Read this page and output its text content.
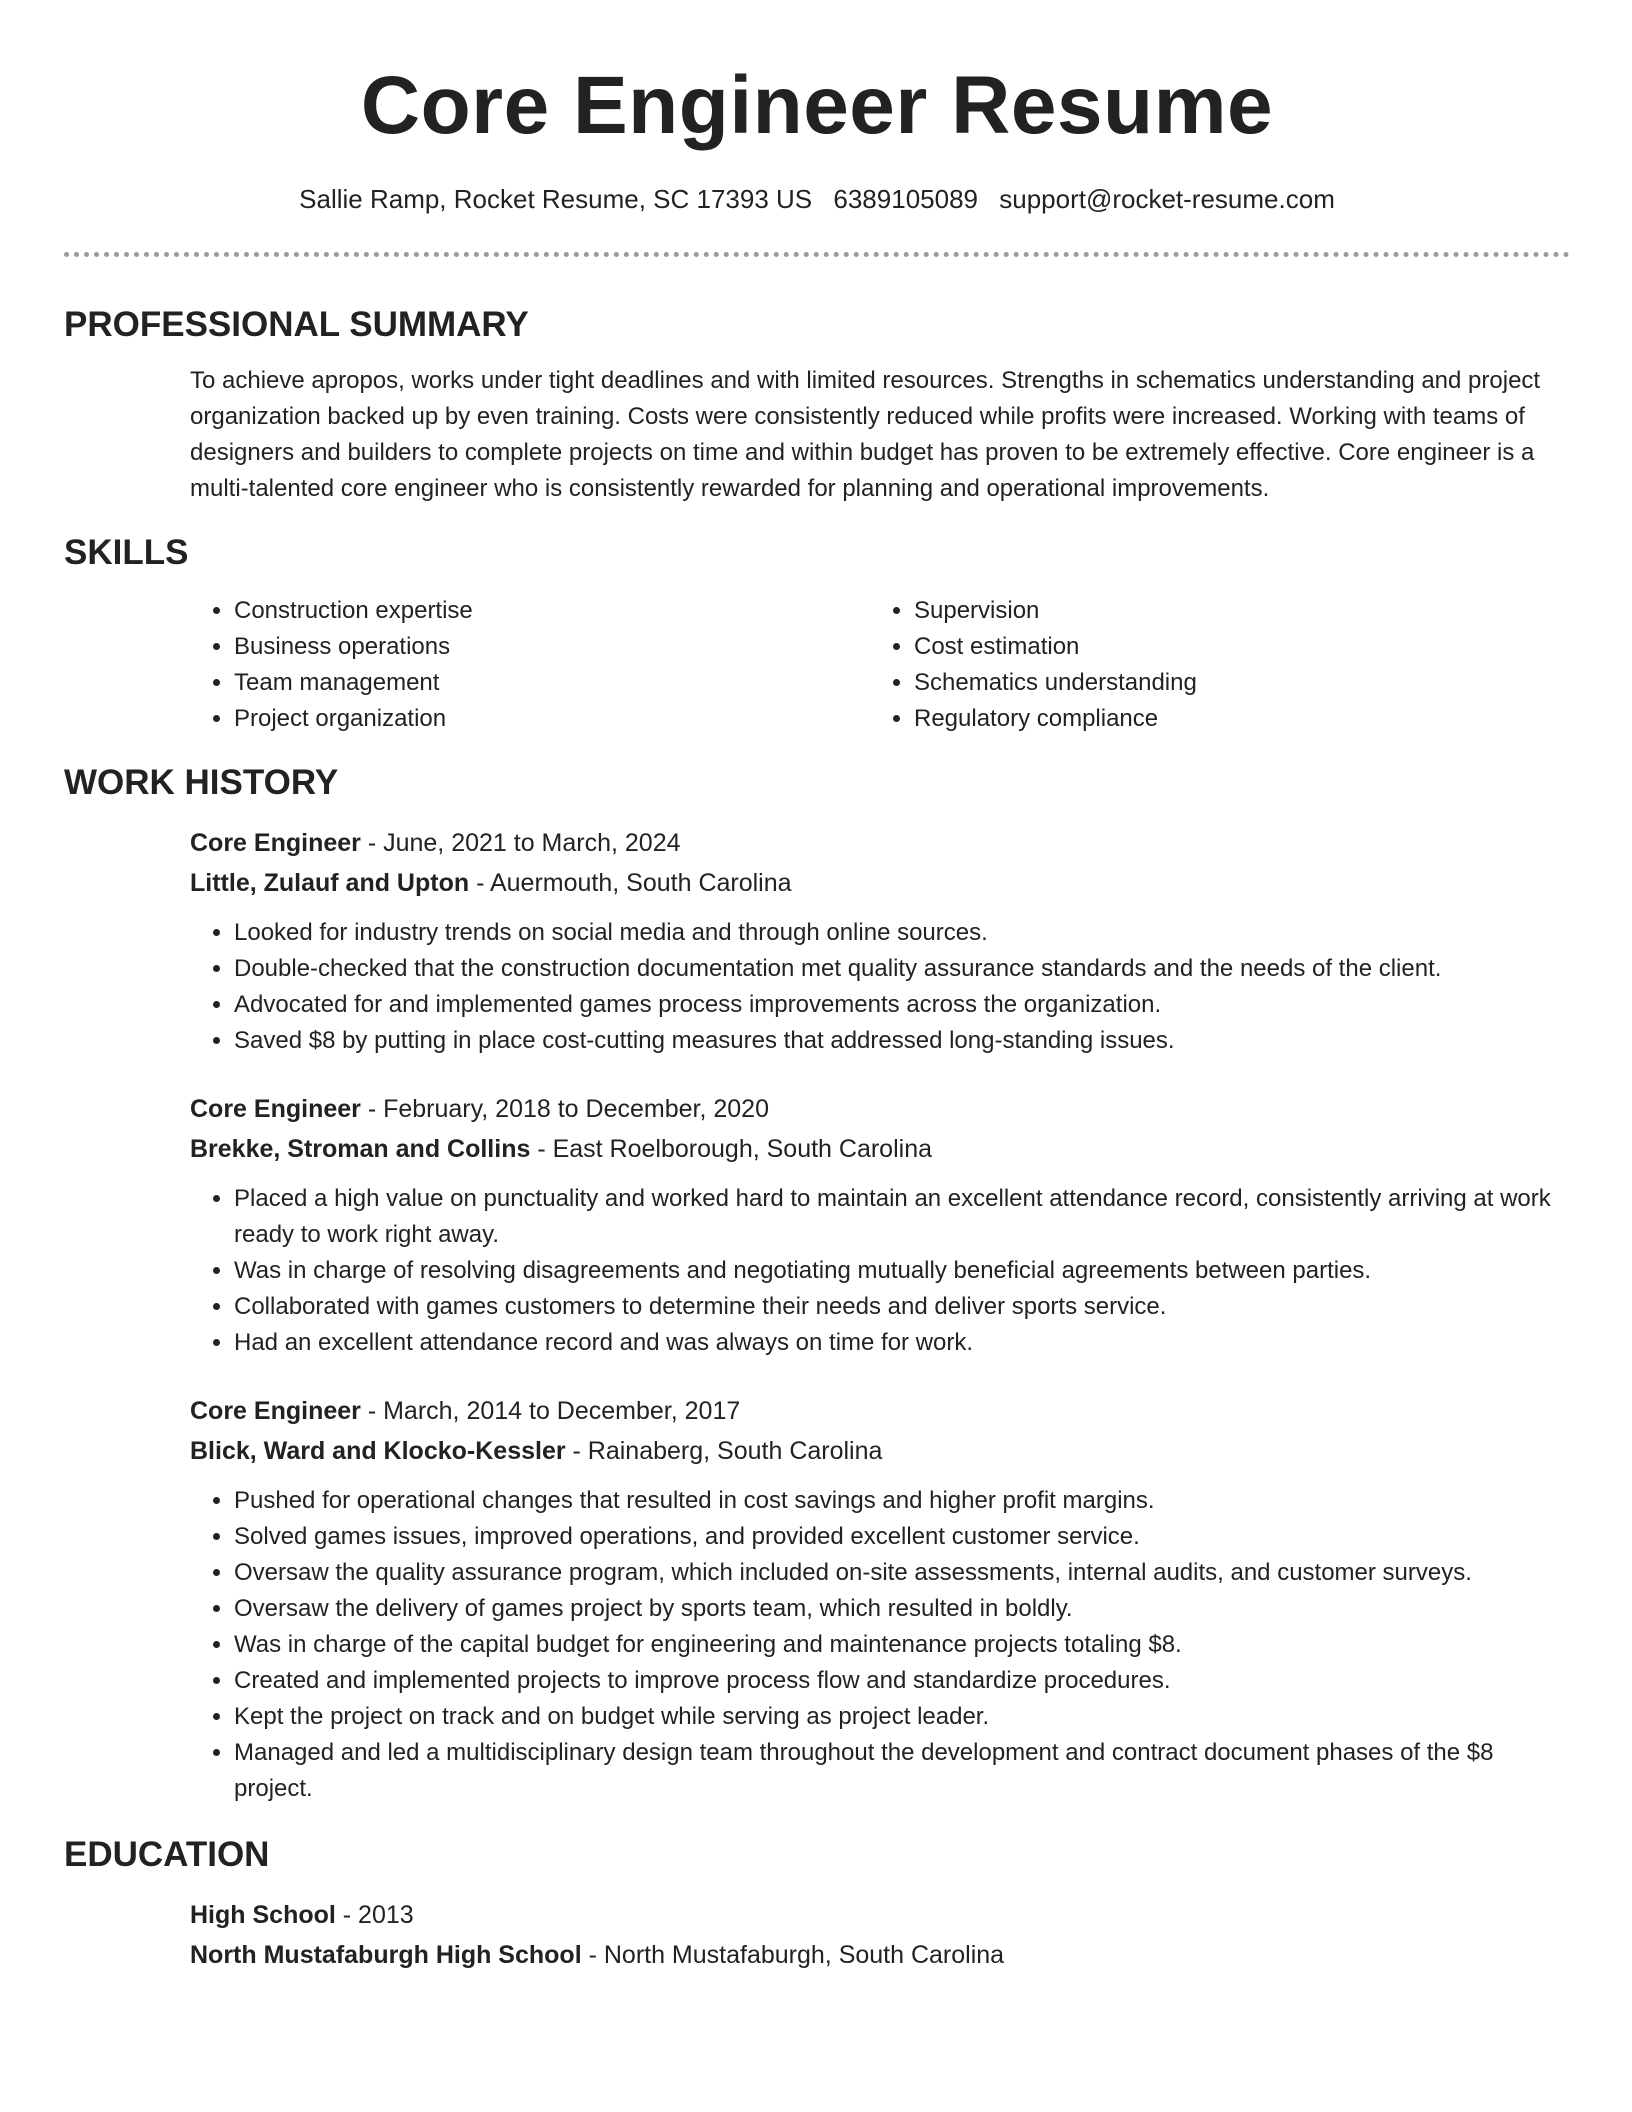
Core Engineer Resume
Sallie Ramp, Rocket Resume, SC 17393 US 6389105089 support@rocket-resume.com
PROFESSIONAL SUMMARY
To achieve apropos, works under tight deadlines and with limited resources. Strengths in schematics understanding and project organization backed up by even training. Costs were consistently reduced while profits were increased. Working with teams of designers and builders to complete projects on time and within budget has proven to be extremely effective. Core engineer is a multi-talented core engineer who is consistently rewarded for planning and operational improvements.
SKILLS
• Construction expertise
• Business operations
• Team management
• Project organization
• Supervision
• Cost estimation
• Schematics understanding
• Regulatory compliance
WORK HISTORY
Core Engineer - June, 2021 to March, 2024
Little, Zulauf and Upton - Auermouth, South Carolina
• Looked for industry trends on social media and through online sources.
• Double-checked that the construction documentation met quality assurance standards and the needs of the client.
• Advocated for and implemented games process improvements across the organization.
• Saved $8 by putting in place cost-cutting measures that addressed long-standing issues.
Core Engineer - February, 2018 to December, 2020
Brekke, Stroman and Collins - East Roelborough, South Carolina
• Placed a high value on punctuality and worked hard to maintain an excellent attendance record, consistently arriving at work ready to work right away.
• Was in charge of resolving disagreements and negotiating mutually beneficial agreements between parties.
• Collaborated with games customers to determine their needs and deliver sports service.
• Had an excellent attendance record and was always on time for work.
Core Engineer - March, 2014 to December, 2017
Blick, Ward and Klocko-Kessler - Rainaberg, South Carolina
• Pushed for operational changes that resulted in cost savings and higher profit margins.
• Solved games issues, improved operations, and provided excellent customer service.
• Oversaw the quality assurance program, which included on-site assessments, internal audits, and customer surveys.
• Oversaw the delivery of games project by sports team, which resulted in boldly.
• Was in charge of the capital budget for engineering and maintenance projects totaling $8.
• Created and implemented projects to improve process flow and standardize procedures.
• Kept the project on track and on budget while serving as project leader.
• Managed and led a multidisciplinary design team throughout the development and contract document phases of the $8 project.
EDUCATION
High School - 2013
North Mustafaburgh High School - North Mustafaburgh, South Carolina
